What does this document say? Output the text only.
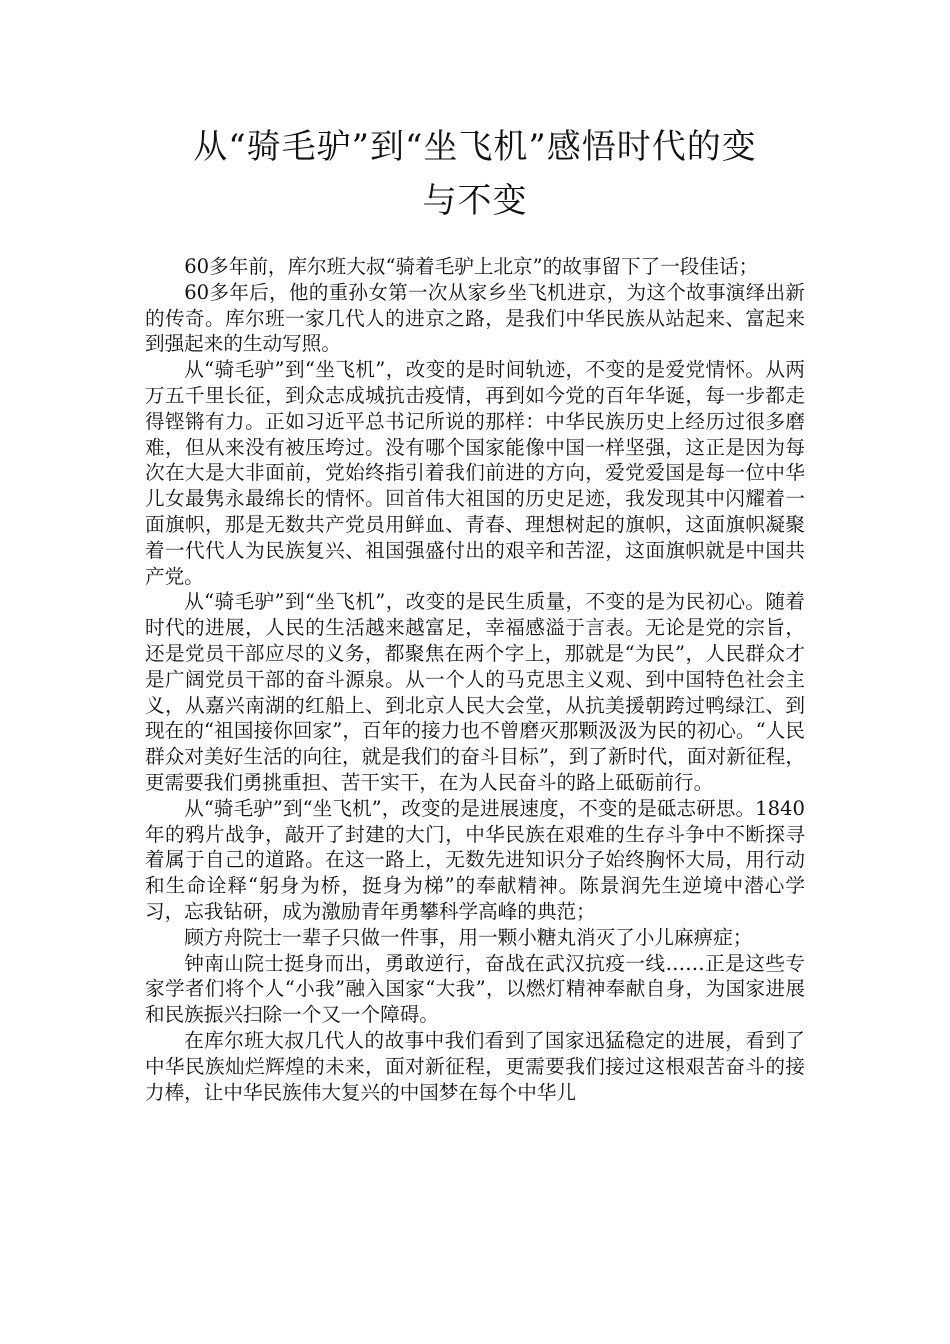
从“骑毛驴”到“坐飞机”感悟时代的变
与不变

60多年前，库尔班大叔“骑着毛驴上北京”的故事留下了一段佳话；

60多年后，他的重孙女第一次从家乡坐飞机进京，为这个故事演绎出新的传奇。库尔班一家几代人的进京之路，是我们中华民族从站起来、富起来到强起来的生动写照。

从“骑毛驴”到“坐飞机”，改变的是时间轨迹，不变的是爱党情怀。从两万五千里长征，到众志成城抗击疫情，再到如今党的百年华诞，每一步都走得铿锵有力。正如习近平总书记所说的那样：中华民族历史上经历过很多磨难，但从来没有被压垮过。没有哪个国家能像中国一样坚强，这正是因为每次在大是大非面前，党始终指引着我们前进的方向，爱党爱国是每一位中华儿女最隽永最绵长的情怀。回首伟大祖国的历史足迹，我发现其中闪耀着一面旗帜，那是无数共产党员用鲜血、青春、理想树起的旗帜，这面旗帜凝聚着一代代人为民族复兴、祖国强盛付出的艰辛和苦涩，这面旗帜就是中国共产党。

从“骑毛驴”到“坐飞机”，改变的是民生质量，不变的是为民初心。随着时代的进展，人民的生活越来越富足，幸福感溢于言表。无论是党的宗旨，还是党员干部应尽的义务，都聚焦在两个字上，那就是“为民”，人民群众才是广阔党员干部的奋斗源泉。从一个人的马克思主义观、到中国特色社会主义，从嘉兴南湖的红船上、到北京人民大会堂，从抗美援朝跨过鸭绿江、到现在的“祖国接你回家”，百年的接力也不曾磨灭那颗汲汲为民的初心。“人民群众对美好生活的向往，就是我们的奋斗目标”，到了新时代，面对新征程，更需要我们勇挑重担、苦干实干，在为人民奋斗的路上砥砺前行。

从“骑毛驴”到“坐飞机”，改变的是进展速度，不变的是砥志研思。1840年的鸦片战争，敲开了封建的大门，中华民族在艰难的生存斗争中不断探寻着属于自己的道路。在这一路上，无数先进知识分子始终胸怀大局，用行动和生命诠释“躬身为桥，挺身为梯”的奉献精神。陈景润先生逆境中潜心学习，忘我钻研，成为激励青年勇攀科学高峰的典范；

顾方舟院士一辈子只做一件事，用一颗小糖丸消灭了小儿麻痹症；

钟南山院士挺身而出，勇敢逆行，奋战在武汉抗疫一线……正是这些专家学者们将个人“小我”融入国家“大我”，以燃灯精神奉献自身，为国家进展和民族振兴扫除一个又一个障碍。

在库尔班大叔几代人的故事中我们看到了国家迅猛稳定的进展，看到了中华民族灿烂辉煌的未来，面对新征程，更需要我们接过这根艰苦奋斗的接力棒，让中华民族伟大复兴的中国梦在每个中华儿
